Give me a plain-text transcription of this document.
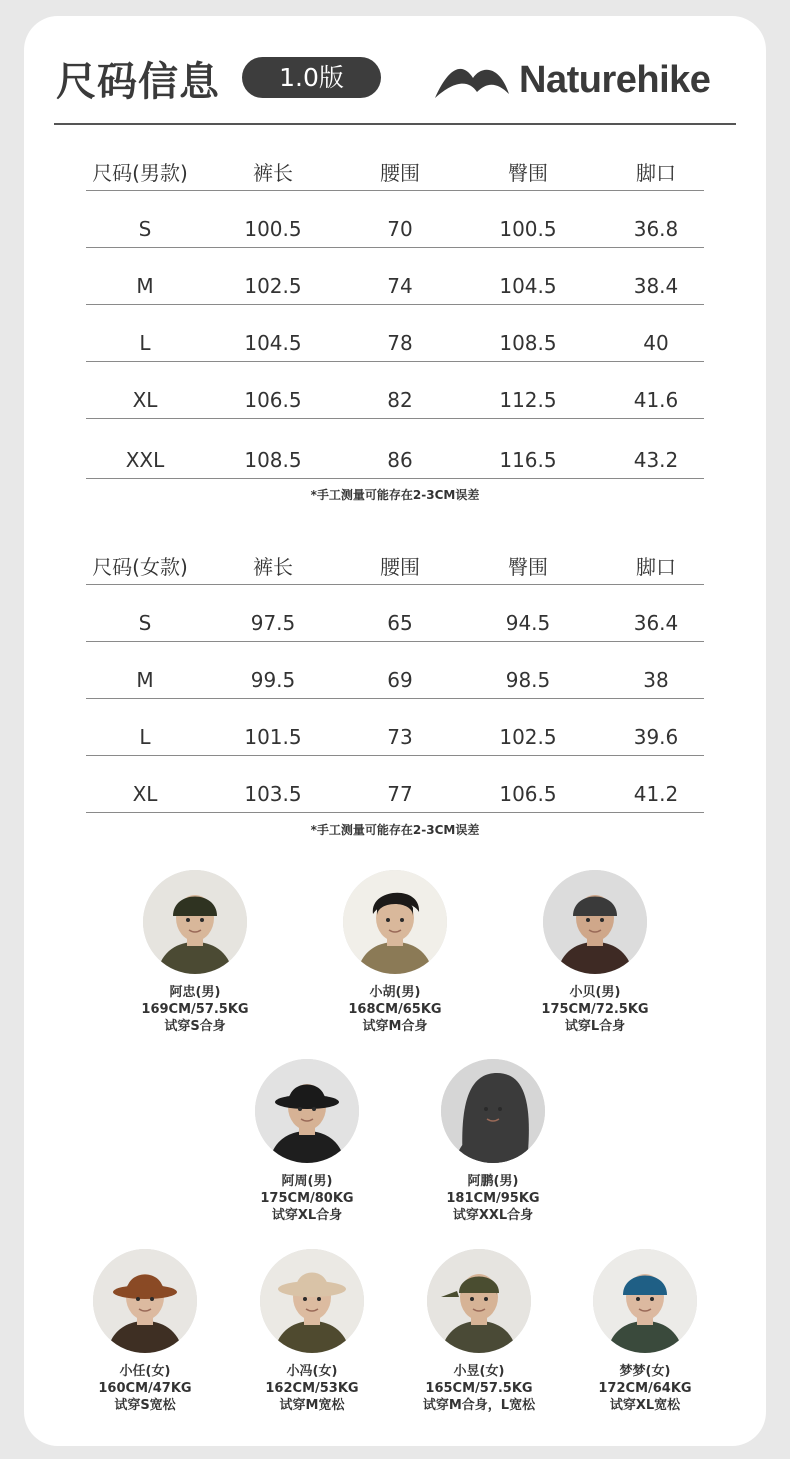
尺码信息	1.0版	Naturehike
尺码(男款)	裤长	腰围	臀围	脚口
S	100.5	70	100.5	36.8
M	102.5	74	104.5	38.4
L	104.5	78	108.5	40
XL	106.5	82	112.5	41.6
XXL	108.5	86	116.5	43.2
*手工测量可能存在2-3CM误差
尺码(女款)	裤长	腰围	臀围	脚口
S	97.5	65	94.5	36.4
M	99.5	69	98.5	38
L	101.5	73	102.5	39.6
XL	103.5	77	106.5	41.2
*手工测量可能存在2-3CM误差
阿忠(男)
169CM/57.5KG
试穿S合身
小胡(男)
168CM/65KG
试穿M合身
小贝(男)
175CM/72.5KG
试穿L合身
阿周(男)
175CM/80KG
试穿XL合身
阿鹏(男)
181CM/95KG
试穿XXL合身
小任(女)
160CM/47KG
试穿S宽松
小冯(女)
162CM/53KG
试穿M宽松
小昱(女)
165CM/57.5KG
试穿M合身，L宽松
梦梦(女)
172CM/64KG
试穿XL宽松
